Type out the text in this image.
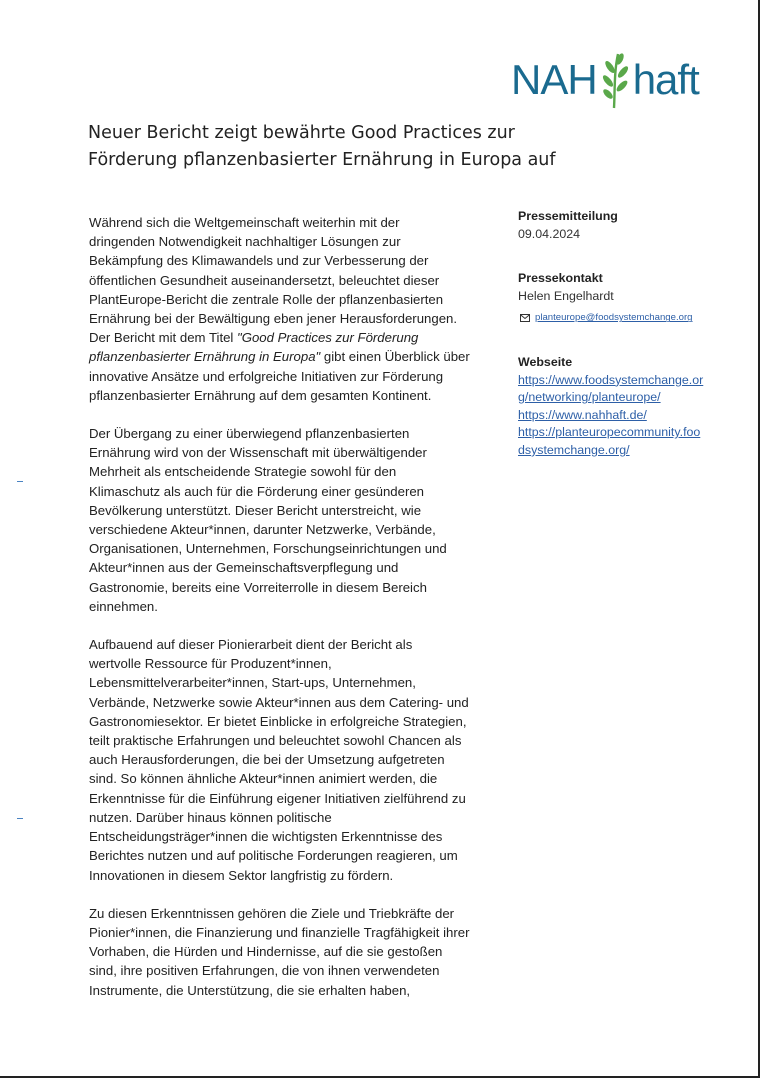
NAH haft
Neuer Bericht zeigt bewährte Good Practices zur
Förderung pflanzenbasierter Ernährung in Europa auf
Während sich die Weltgemeinschaft weiterhin mit der
dringenden Notwendigkeit nachhaltiger Lösungen zur
Bekämpfung des Klimawandels und zur Verbesserung der
öffentlichen Gesundheit auseinandersetzt, beleuchtet dieser
PlantEurope-Bericht die zentrale Rolle der pflanzenbasierten
Ernährung bei der Bewältigung eben jener Herausforderungen.
Der Bericht mit dem Titel "Good Practices zur Förderung
pflanzenbasierter Ernährung in Europa" gibt einen Überblick über
innovative Ansätze und erfolgreiche Initiativen zur Förderung
pflanzenbasierter Ernährung auf dem gesamten Kontinent.
Der Übergang zu einer überwiegend pflanzenbasierten
Ernährung wird von der Wissenschaft mit überwältigender
Mehrheit als entscheidende Strategie sowohl für den
Klimaschutz als auch für die Förderung einer gesünderen
Bevölkerung unterstützt. Dieser Bericht unterstreicht, wie
verschiedene Akteur*innen, darunter Netzwerke, Verbände,
Organisationen, Unternehmen, Forschungseinrichtungen und
Akteur*innen aus der Gemeinschaftsverpflegung und
Gastronomie, bereits eine Vorreiterrolle in diesem Bereich
einnehmen.
Aufbauend auf dieser Pionierarbeit dient der Bericht als
wertvolle Ressource für Produzent*innen,
Lebensmittelverarbeiter*innen, Start-ups, Unternehmen,
Verbände, Netzwerke sowie Akteur*innen aus dem Catering- und
Gastronomiesektor. Er bietet Einblicke in erfolgreiche Strategien,
teilt praktische Erfahrungen und beleuchtet sowohl Chancen als
auch Herausforderungen, die bei der Umsetzung aufgetreten
sind. So können ähnliche Akteur*innen animiert werden, die
Erkenntnisse für die Einführung eigener Initiativen zielführend zu
nutzen. Darüber hinaus können politische
Entscheidungsträger*innen die wichtigsten Erkenntnisse des
Berichtes nutzen und auf politische Forderungen reagieren, um
Innovationen in diesem Sektor langfristig zu fördern.
Zu diesen Erkenntnissen gehören die Ziele und Triebkräfte der
Pionier*innen, die Finanzierung und finanzielle Tragfähigkeit ihrer
Vorhaben, die Hürden und Hindernisse, auf die sie gestoßen
sind, ihre positiven Erfahrungen, die von ihnen verwendeten
Instrumente, die Unterstützung, die sie erhalten haben,
Pressemitteilung
09.04.2024
Pressekontakt
Helen Engelhardt
planteurope@foodsystemchange.org
Webseite
https://www.foodsystemchange.or
g/networking/planteurope/
https://www.nahhaft.de/
https://planteuropecommunity.foo
dsystemchange.org/
